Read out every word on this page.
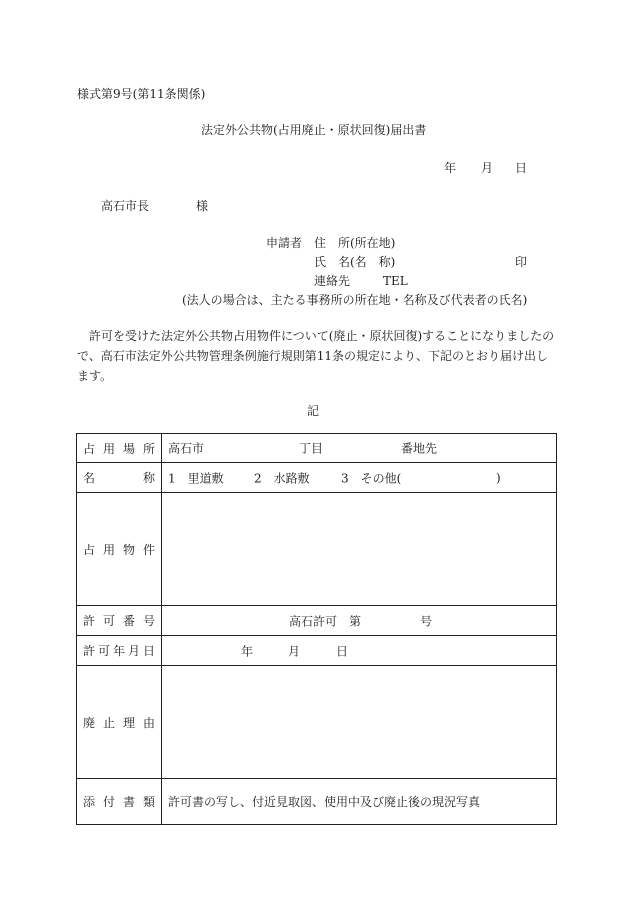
様式第9号(第11条関係)
法定外公共物(占用廃止・原状回復)届出書
年 月 日
高石市長	様
申請者 住　所(所在地)
氏　名(名　称)	印
連絡先	TEL
(法人の場合は、主たる事務所の所在地・名称及び代表者の氏名)

許可を受けた法定外公共物占用物件について(廃止・原状回復)することになりましたので、高石市法定外公共物管理条例施行規則第11条の規定により、下記のとおり届け出します。

記
占用場所	高石市 丁目 番地先

名称	1　里道敷 2　水路敷 3　その他( )

占用物件	
許可番号	高石許可　第 号

許可年月日	年 月 日

廃止理由	
添付書類	許可書の写し、付近見取図、使用中及び廃止後の現況写真
